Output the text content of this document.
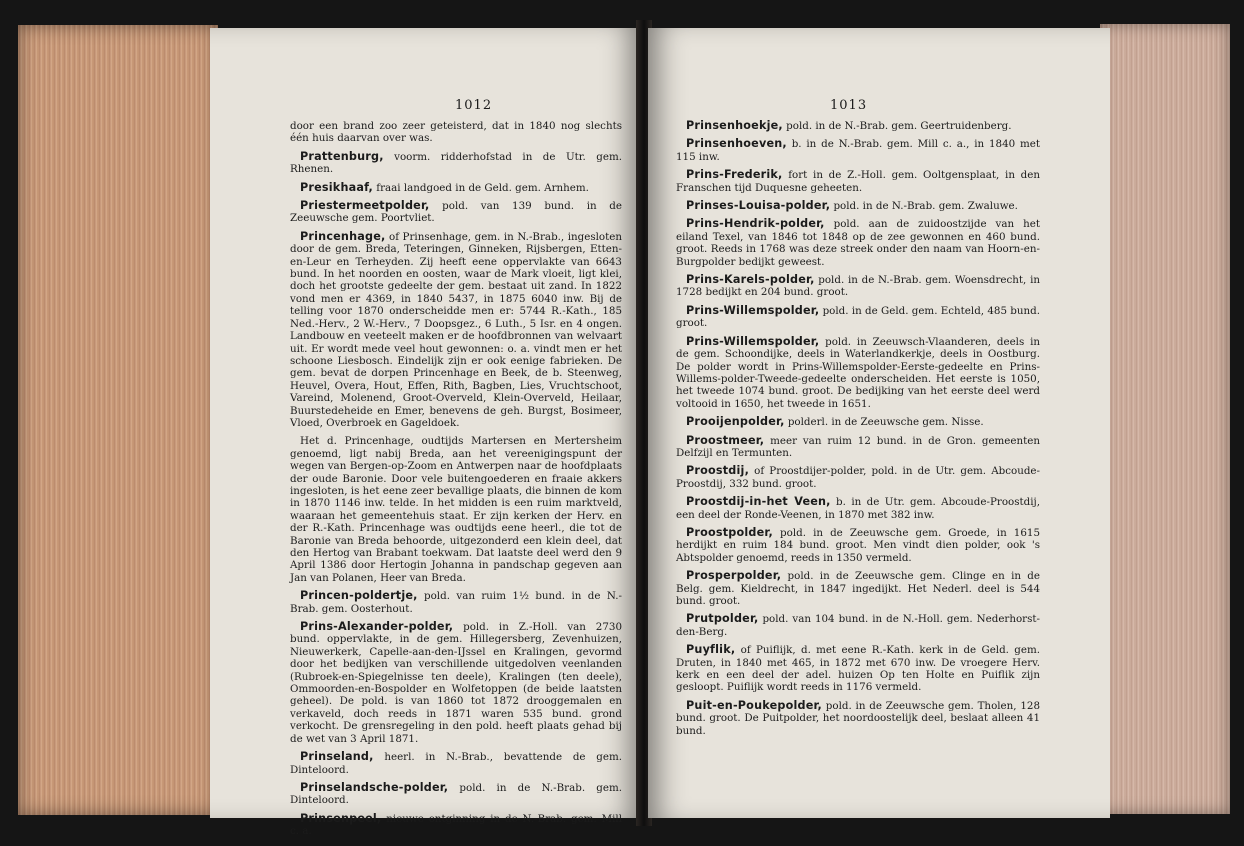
1012

door een brand zoo zeer geteisterd, dat in 1840 nog slechts één huis daarvan over was.

Prattenburg, voorm. ridderhofstad in de Utr. gem. Rhenen.

Presikhaaf, fraai landgoed in de Geld. gem. Arnhem.

Priestermeetpolder, pold. van 139 bund. in de Zeeuwsche gem. Poortvliet.

Princenhage, of Prinsenhage, gem. in N.-Brab., ingesloten door de gem. Breda, Teteringen, Ginneken, Rijsbergen, Etten-en-Leur en Terheyden. Zij heeft eene oppervlakte van 6643 bund. In het noorden en oosten, waar de Mark vloeit, ligt klei, doch het grootste gedeelte der gem. bestaat uit zand. In 1822 vond men er 4369, in 1840 5437, in 1875 6040 inw. Bij de telling voor 1870 onderscheidde men er: 5744 R.-Kath., 185 Ned.-Herv., 2 W.-Herv., 7 Doopsgez., 6 Luth., 5 Isr. en 4 ongen. Landbouw en veeteelt maken er de hoofdbronnen van welvaart uit. Er wordt mede veel hout gewonnen: o. a. vindt men er het schoone Liesbosch. Eindelijk zijn er ook eenige fabrieken. De gem. bevat de dorpen Princenhage en Beek, de b. Steenweg, Heuvel, Overa, Hout, Effen, Rith, Bagben, Lies, Vruchtschoot, Vareind, Molenend, Groot-Overveld, Klein-Overveld, Heilaar, Buurstedeheide en Emer, benevens de geh. Burgst, Bosimeer, Vloed, Overbroek en Gageldoek.

Het d. Princenhage, oudtijds Martersen en Mertersheim genoemd, ligt nabij Breda, aan het vereenigingspunt der wegen van Bergen-op-Zoom en Antwerpen naar de hoofdplaats der oude Baronie. Door vele buitengoederen en fraaie akkers ingesloten, is het eene zeer bevallige plaats, die binnen de kom in 1870 1146 inw. telde. In het midden is een ruim marktveld, waaraan het gemeentehuis staat. Er zijn kerken der Herv. en der R.-Kath. Princenhage was oudtijds eene heerl., die tot de Baronie van Breda behoorde, uitgezonderd een klein deel, dat den Hertog van Brabant toekwam. Dat laatste deel werd den 9 April 1386 door Hertogin Johanna in pandschap gegeven aan Jan van Polanen, Heer van Breda.

Princen-poldertje, pold. van ruim 1½ bund. in de N.-Brab. gem. Oosterhout.

Prins-Alexander-polder, pold. in Z.-Holl. van 2730 bund. oppervlakte, in de gem. Hillegersberg, Zevenhuizen, Nieuwerkerk, Capelle-aan-den-IJssel en Kralingen, gevormd door het bedijken van verschillende uitgedolven veenlanden (Rubroek-en-Spiegelnisse ten deele), Kralingen (ten deele), Ommoorden-en-Bospolder en Wolfetoppen (de beide laatsten geheel). De pold. is van 1860 tot 1872 drooggemalen en verkaveld, doch reeds in 1871 waren 535 bund. grond verkocht. De grensregeling in den pold. heeft plaats gehad bij de wet van 3 April 1871.

Prinseland, heerl. in N.-Brab., bevattende de gem. Dinteloord.

Prinselandsche-polder, pold. in de N.-Brab. gem. Dinteloord.

Prinsenpeel, nieuwe ontginning in de N.-Brab. gem. Mill c. a.

1013

Prinsenhoekje, pold. in de N.-Brab. gem. Geertruidenberg.

Prinsenhoeven, b. in de N.-Brab. gem. Mill c. a., in 1840 met 115 inw.

Prins-Frederik, fort in de Z.-Holl. gem. Ooltgensplaat, in den Franschen tijd Duquesne geheeten.

Prinses-Louisa-polder, pold. in de N.-Brab. gem. Zwaluwe.

Prins-Hendrik-polder, pold. aan de zuidoostzijde van het eiland Texel, van 1846 tot 1848 op de zee gewonnen en 460 bund. groot. Reeds in 1768 was deze streek onder den naam van Hoorn-en-Burgpolder bedijkt geweest.

Prins-Karels-polder, pold. in de N.-Brab. gem. Woensdrecht, in 1728 bedijkt en 204 bund. groot.

Prins-Willemspolder, pold. in de Geld. gem. Echteld, 485 bund. groot.

Prins-Willemspolder, pold. in Zeeuwsch-Vlaanderen, deels in de gem. Schoondijke, deels in Waterlandkerkje, deels in Oostburg. De polder wordt in Prins-Willemspolder-Eerste-gedeelte en Prins-Willems-polder-Tweede-gedeelte onderscheiden. Het eerste is 1050, het tweede 1074 bund. groot. De bedijking van het eerste deel werd voltooid in 1650, het tweede in 1651.

Prooijenpolder, polderl. in de Zeeuwsche gem. Nisse.

Proostmeer, meer van ruim 12 bund. in de Gron. gemeenten Delfzijl en Termunten.

Proostdij, of Proostdijer-polder, pold. in de Utr. gem. Abcoude-Proostdij, 332 bund. groot.

Proostdij-in-het Veen, b. in de Utr. gem. Abcoude-Proostdij, een deel der Ronde-Veenen, in 1870 met 382 inw.

Proostpolder, pold. in de Zeeuwsche gem. Groede, in 1615 herdijkt en ruim 184 bund. groot. Men vindt dien polder, ook 's Abtspolder genoemd, reeds in 1350 vermeld.

Prosperpolder, pold. in de Zeeuwsche gem. Clinge en in de Belg. gem. Kieldrecht, in 1847 ingedijkt. Het Nederl. deel is 544 bund. groot.

Prutpolder, pold. van 104 bund. in de N.-Holl. gem. Nederhorst-den-Berg.

Puyflik, of Puiflijk, d. met eene R.-Kath. kerk in de Geld. gem. Druten, in 1840 met 465, in 1872 met 670 inw. De vroegere Herv. kerk en een deel der adel. huizen Op ten Holte en Puiflik zijn gesloopt. Puiflijk wordt reeds in 1176 vermeld.

Puit-en-Poukepolder, pold. in de Zeeuwsche gem. Tholen, 128 bund. groot. De Puitpolder, het noordoostelijk deel, beslaat alleen 41 bund.
